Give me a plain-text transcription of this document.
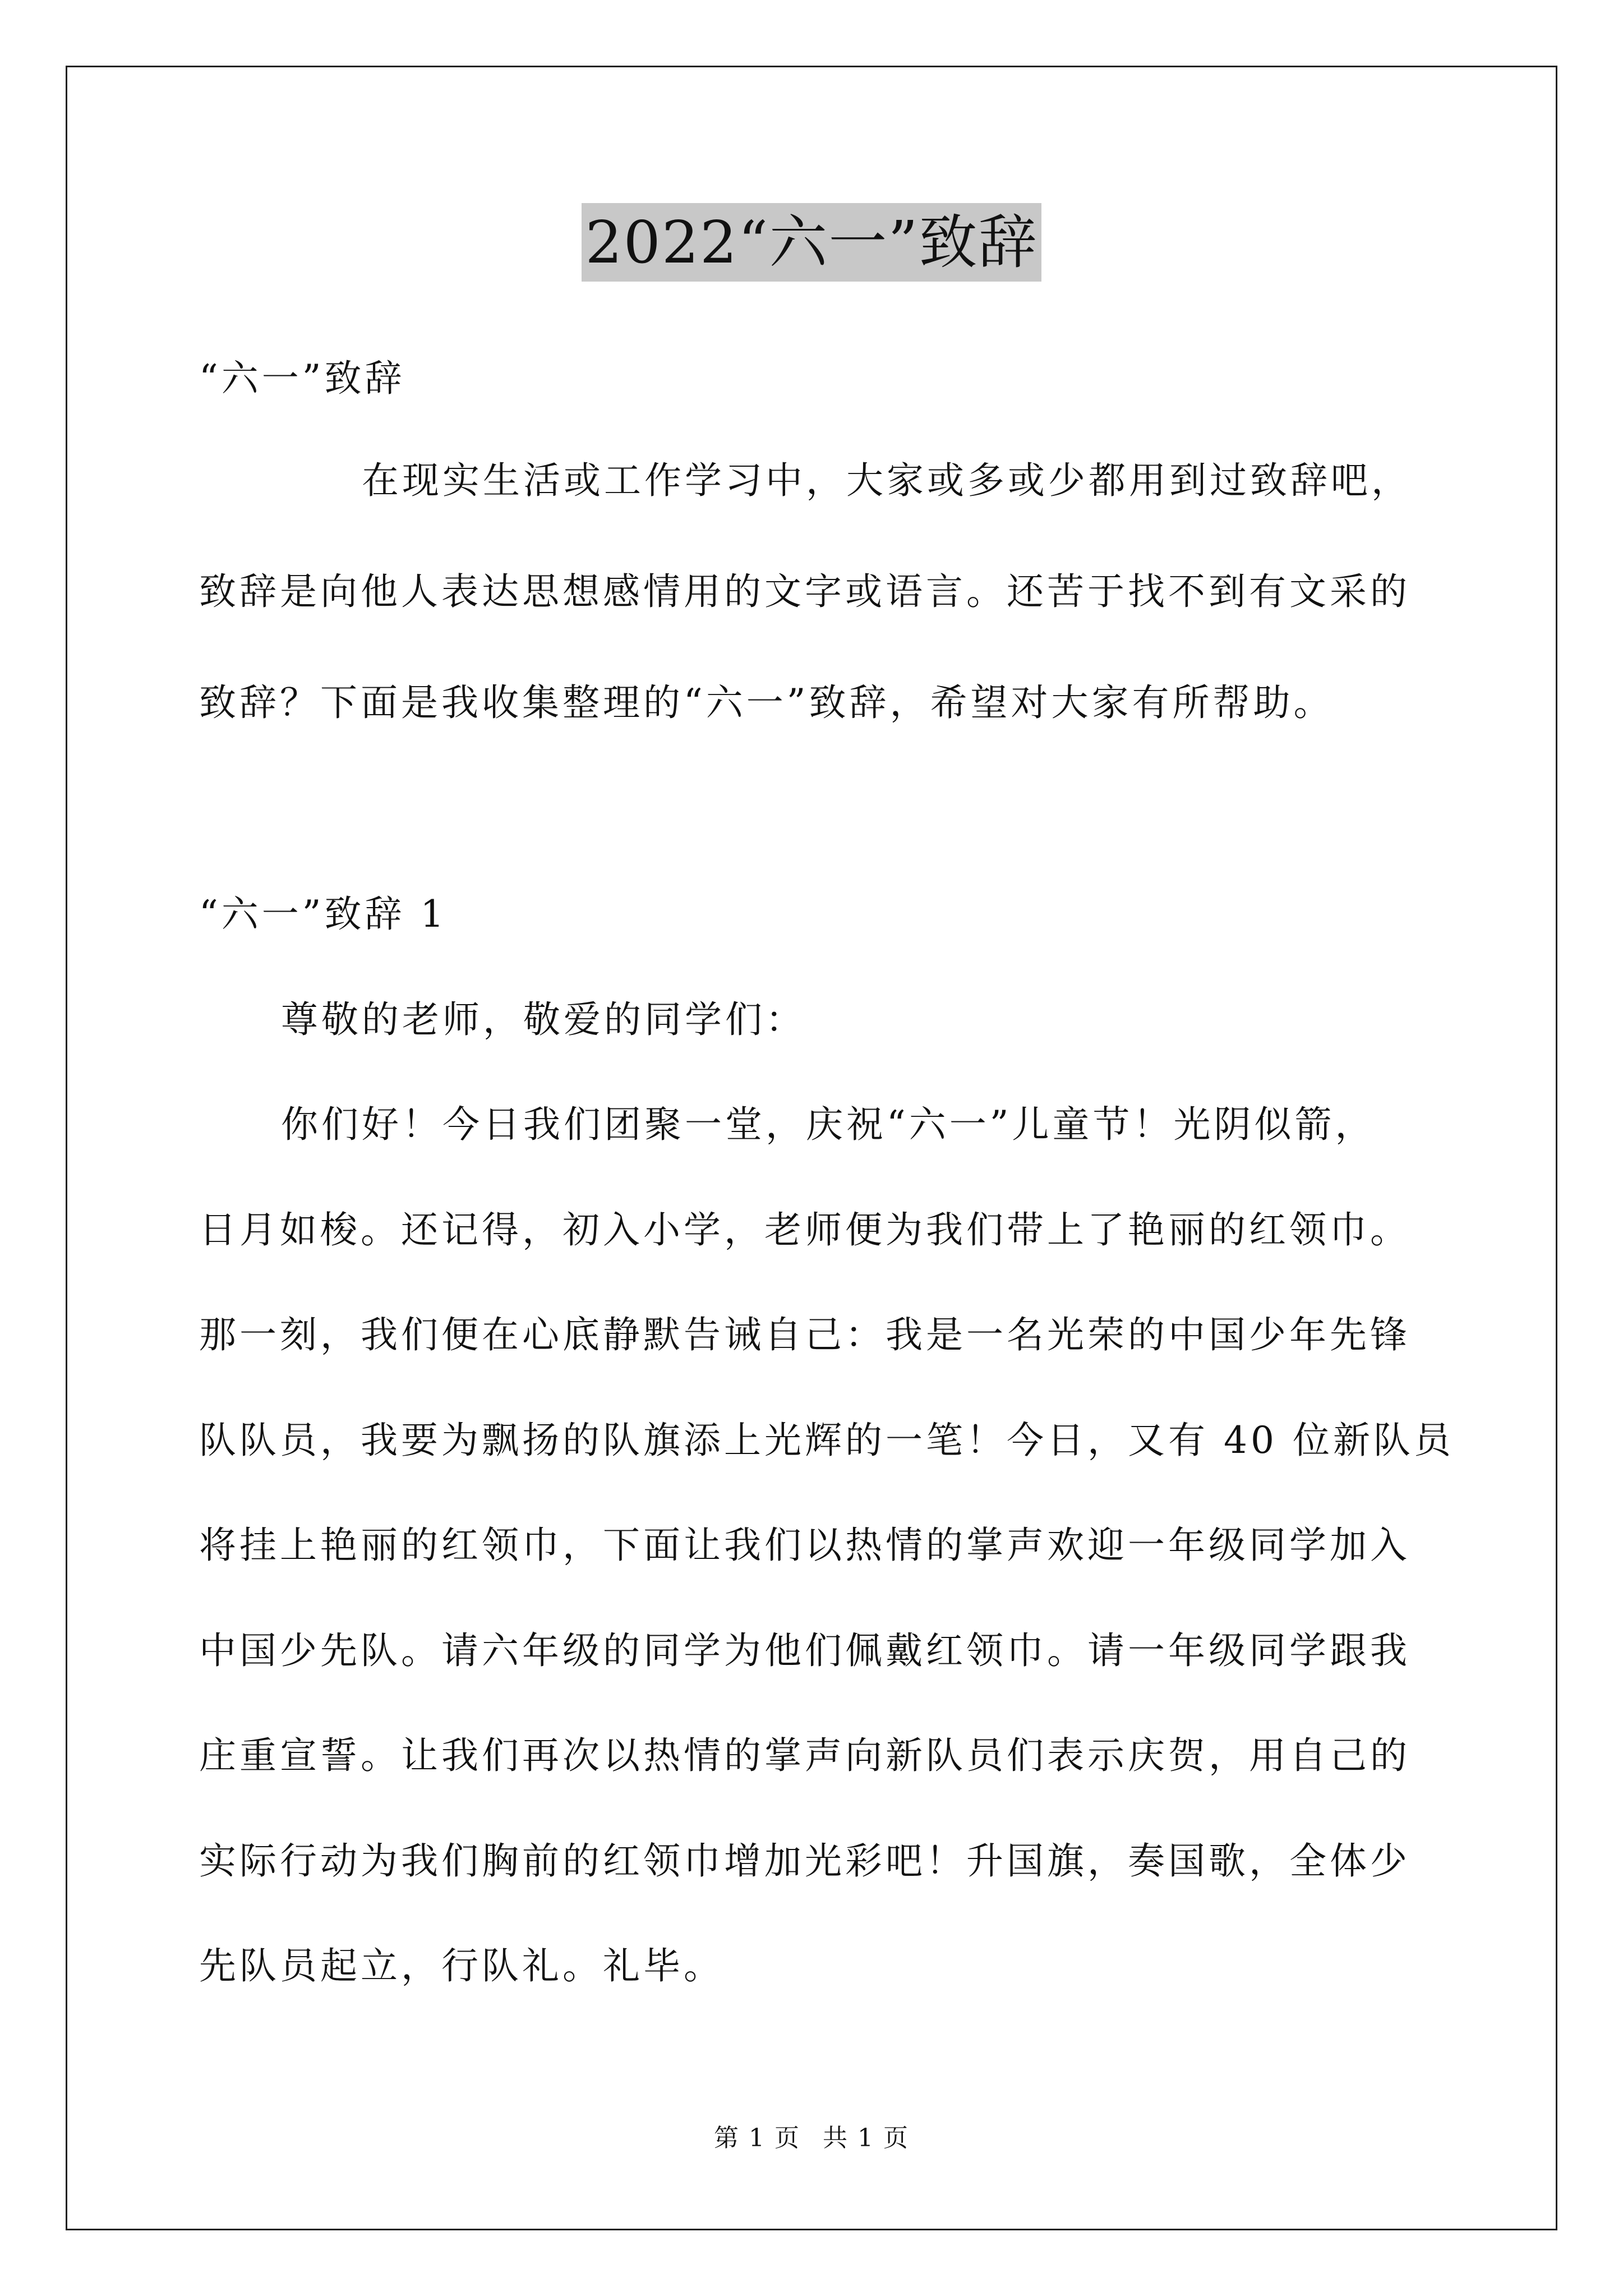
2022“六一”致辞
“六一”致辞
在现实生活或工作学习中，大家或多或少都用到过致辞吧，
致辞是向他人表达思想感情用的文字或语言。还苦于找不到有文采的
致辞？下面是我收集整理的“六一”致辞，希望对大家有所帮助。
“六一”致辞 1
尊敬的老师，敬爱的同学们：
你们好！今日我们团聚一堂，庆祝“六一”儿童节！光阴似箭，
日月如梭。还记得，初入小学，老师便为我们带上了艳丽的红领巾。
那一刻，我们便在心底静默告诫自己：我是一名光荣的中国少年先锋
队队员，我要为飘扬的队旗添上光辉的一笔！今日，又有 40 位新队员
将挂上艳丽的红领巾，下面让我们以热情的掌声欢迎一年级同学加入
中国少先队。请六年级的同学为他们佩戴红领巾。请一年级同学跟我
庄重宣誓。让我们再次以热情的掌声向新队员们表示庆贺，用自己的
实际行动为我们胸前的红领巾增加光彩吧！升国旗，奏国歌，全体少
先队员起立，行队礼。礼毕。
第 1 页 共 1 页
